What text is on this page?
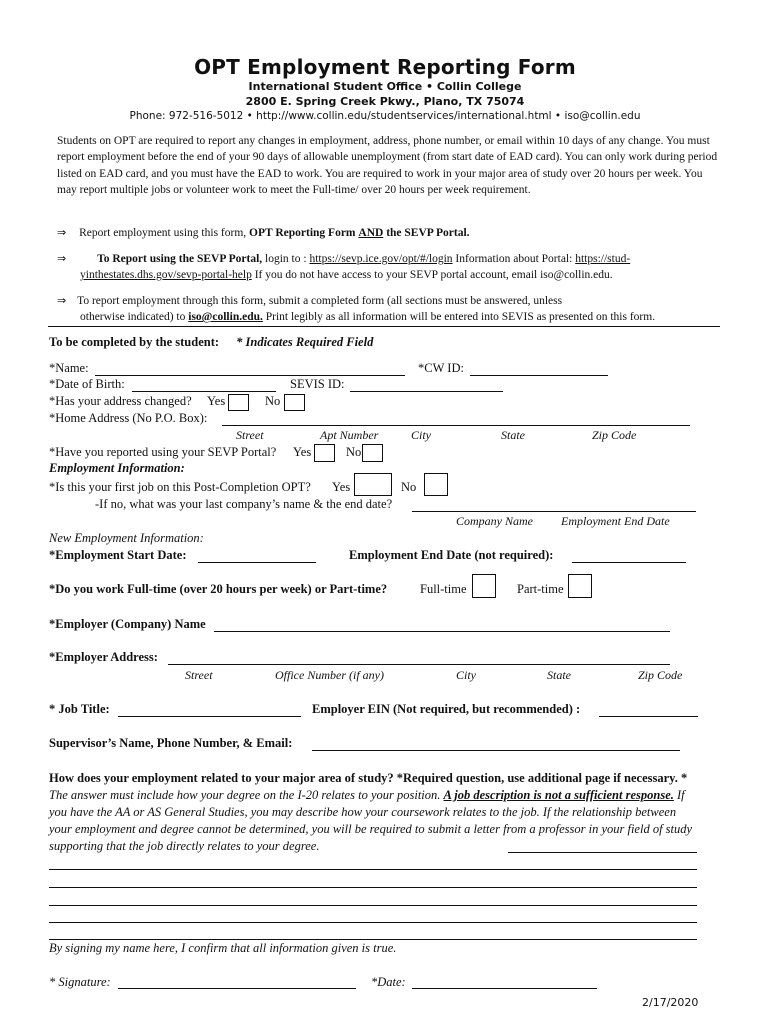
OPT Employment Reporting Form
International Student Office • Collin College
2800 E. Spring Creek Pkwy., Plano, TX 75074
Phone: 972-516-5012 • http://www.collin.edu/studentservices/international.html • iso@collin.edu
Students on OPT are required to report any changes in employment, address, phone number, or email within 10 days of any change. You must report employment before the end of your 90 days of allowable unemployment (from start date of EAD card). You can only work during period listed on EAD card, and you must have the EAD to work. You are required to work in your major area of study over 20 hours per week. You may report multiple jobs or volunteer work to meet the Full-time/ over 20 hours per week requirement.
⇒ Report employment using this form, OPT Reporting Form AND the SEVP Portal.
⇒	To Report using the SEVP Portal, login to : https://sevp.ice.gov/opt/#/login Information about Portal: https://stud-
yinthestates.dhs.gov/sevp-portal-help If you do not have access to your SEVP portal account, email iso@collin.edu.
⇒ To report employment through this form, submit a completed form (all sections must be answered, unless
otherwise indicated) to iso@collin.edu. Print legibly as all information will be entered into SEVIS as presented on this form.
To be completed by the student: * Indicates Required Field
*Name:	*CW ID:
*Date of Birth:	SEVIS ID:
*Has your address changed? Yes	No
*Home Address (No P.O. Box):
Street	Apt Number	City	State	Zip Code
*Have you reported using your SEVP Portal? Yes	No
Employment Information:
*Is this your first job on this Post-Completion OPT? Yes	No
-If no, what was your last company’s name & the end date?
Company Name Employment End Date
New Employment Information:
*Employment Start Date:	Employment End Date (not required):
*Do you work Full-time (over 20 hours per week) or Part-time?	Full-time	Part-time
*Employer (Company) Name
*Employer Address:
Street	Office Number (if any)	City	State	Zip Code
* Job Title:	Employer EIN (Not required, but recommended) :
Supervisor’s Name, Phone Number, & Email:
How does your employment related to your major area of study? *Required question, use additional page if necessary. * The answer must include how your degree on the I-20 relates to your position. A job description is not a sufficient response. If you have the AA or AS General Studies, you may describe how your coursework relates to the job. If the relationship between your employment and degree cannot be determined, you will be required to submit a letter from a professor in your field of study supporting that the job directly relates to your degree.
By signing my name here, I confirm that all information given is true.
* Signature:	*Date:
2/17/2020
